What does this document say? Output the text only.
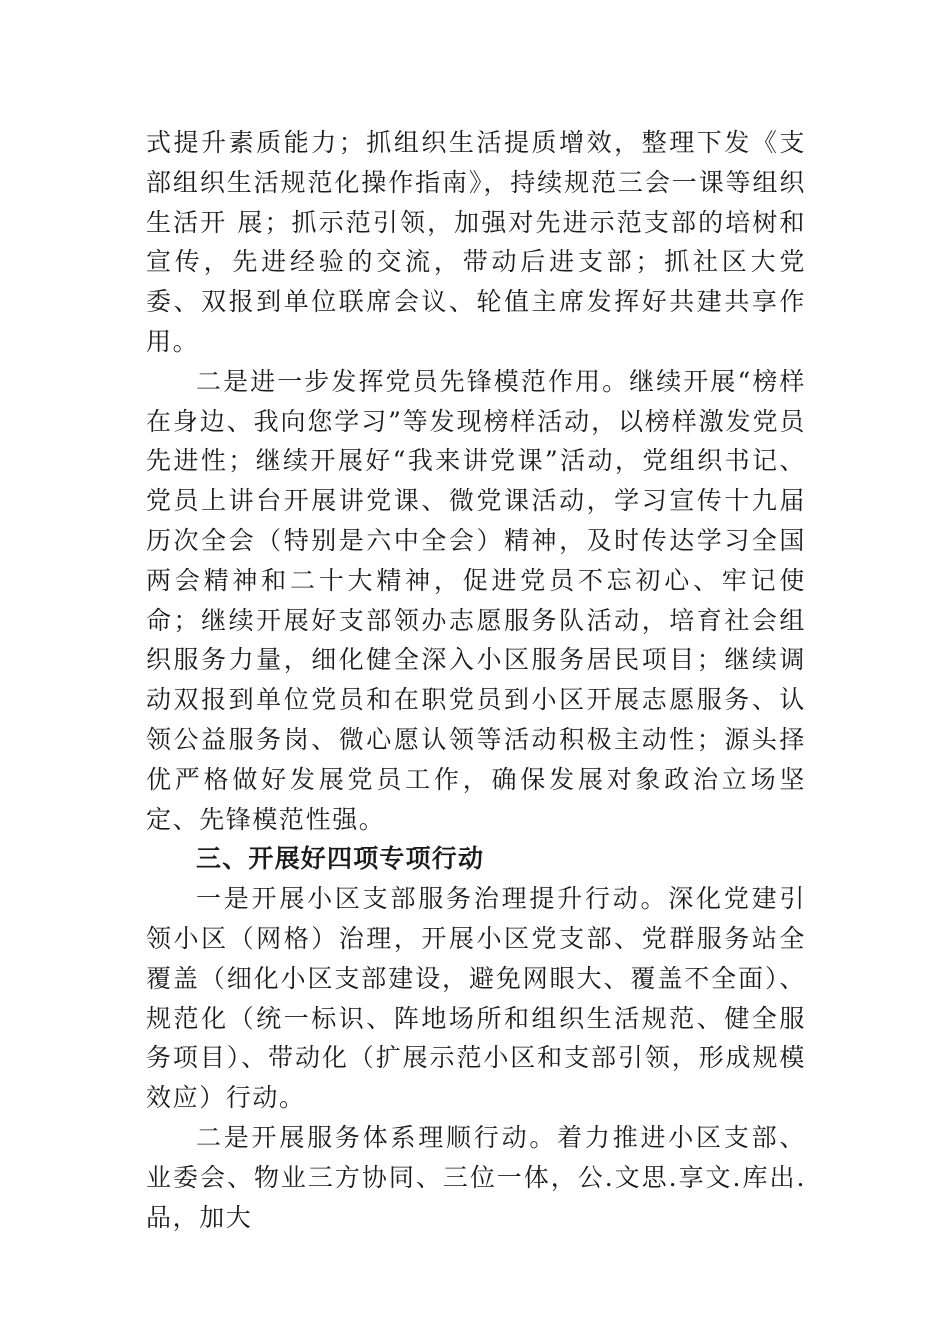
式提升素质能力；抓组织生活提质增效，整理下发《支部组织生活规范化操作指南》，持续规范三会一课等组织生活开 展；抓示范引领，加强对先进示范支部的培树和宣传，先进经验的交流，带动后进支部；抓社区大党委、双报到单位联席会议、轮值主席发挥好共建共享作用。

二是进一步发挥党员先锋模范作用。继续开展“榜样在身边、我向您学习”等发现榜样活动，以榜样激发党员先进性；继续开展好“我来讲党课”活动，党组织书记、党员上讲台开展讲党课、微党课活动，学习宣传十九届历次全会（特别是六中全会）精神，及时传达学习全国两会精神和二十大精神，促进党员不忘初心、牢记使命；继续开展好支部领办志愿服务队活动，培育社会组织服务力量，细化健全深入小区服务居民项目；继续调动双报到单位党员和在职党员到小区开展志愿服务、认领公益服务岗、微心愿认领等活动积极主动性；源头择优严格做好发展党员工作，确保发展对象政治立场坚定、先锋模范性强。

三、开展好四项专项行动

一是开展小区支部服务治理提升行动。深化党建引领小区（网格）治理，开展小区党支部、党群服务站全覆盖（细化小区支部建设，避免网眼大、覆盖不全面）、规范化（统一标识、阵地场所和组织生活规范、健全服务项目）、带动化（扩展示范小区和支部引领，形成规模效应）行动。

二是开展服务体系理顺行动。着力推进小区支部、业委会、物业三方协同、三位一体，公.文思.享文.库出.品，加大
